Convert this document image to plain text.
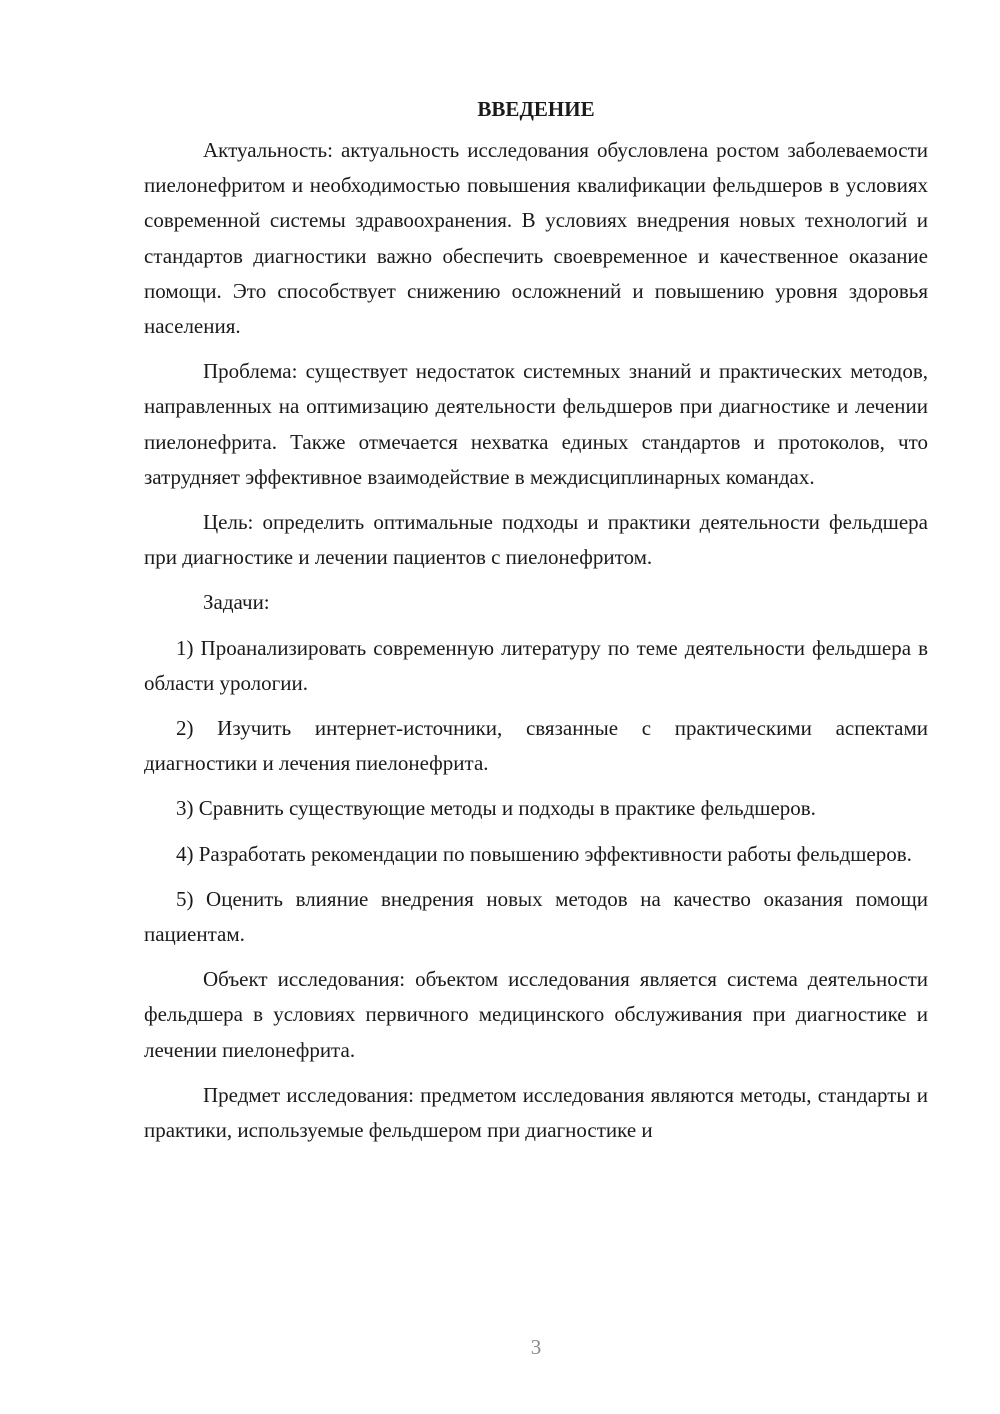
ВВЕДЕНИЕ

Актуальность: актуальность исследования обусловлена ростом заболеваемости пиелонефритом и необходимостью повышения квалификации фельдшеров в условиях современной системы здравоохранения. В условиях внедрения новых технологий и стандартов диагностики важно обеспечить своевременное и качественное оказание помощи. Это способствует снижению осложнений и повышению уровня здоровья населения.

Проблема: существует недостаток системных знаний и практических методов, направленных на оптимизацию деятельности фельдшеров при диагностике и лечении пиелонефрита. Также отмечается нехватка единых стандартов и протоколов, что затрудняет эффективное взаимодействие в междисциплинарных командах.

Цель: определить оптимальные подходы и практики деятельности фельдшера при диагностике и лечении пациентов с пиелонефритом.

Задачи:

1) Проанализировать современную литературу по теме деятельности фельдшера в области урологии.

2) Изучить интернет-источники, связанные с практическими аспектами диагностики и лечения пиелонефрита.

3) Сравнить существующие методы и подходы в практике фельдшеров.

4) Разработать рекомендации по повышению эффективности работы фельдшеров.

5) Оценить влияние внедрения новых методов на качество оказания помощи пациентам.

Объект исследования: объектом исследования является система деятельности фельдшера в условиях первичного медицинского обслуживания при диагностике и лечении пиелонефрита.

Предмет исследования: предметом исследования являются методы, стандарты и практики, используемые фельдшером при диагностике и

3
